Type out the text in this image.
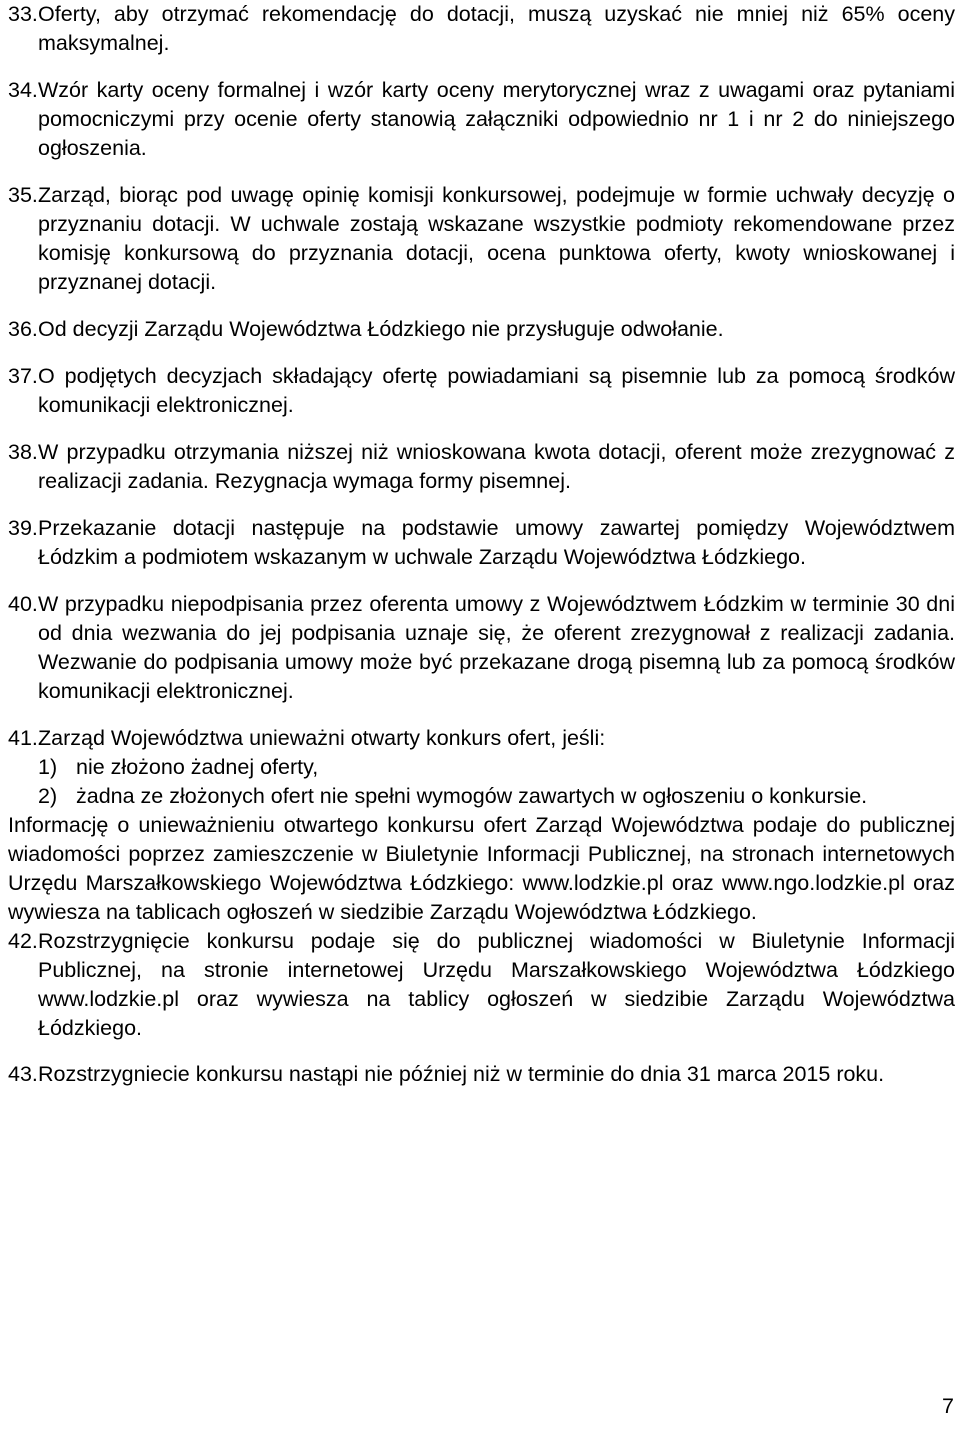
33. Oferty, aby otrzymać rekomendację do dotacji, muszą uzyskać nie mniej niż 65% oceny maksymalnej.
34. Wzór karty oceny formalnej i wzór karty oceny merytorycznej wraz z uwagami oraz pytaniami pomocniczymi przy ocenie oferty stanowią załączniki odpowiednio nr 1 i nr 2 do niniejszego ogłoszenia.
35. Zarząd, biorąc pod uwagę opinię komisji konkursowej, podejmuje w formie uchwały decyzję o przyznaniu dotacji. W uchwale zostają wskazane wszystkie podmioty rekomendowane przez komisję konkursową do przyznania dotacji, ocena punktowa oferty, kwoty wnioskowanej i przyznanej dotacji.
36. Od decyzji Zarządu Województwa Łódzkiego nie przysługuje odwołanie.
37. O podjętych decyzjach składający ofertę powiadamiani są pisemnie lub za pomocą środków komunikacji elektronicznej.
38. W przypadku otrzymania niższej niż wnioskowana kwota dotacji, oferent może zrezygnować z realizacji zadania. Rezygnacja wymaga formy pisemnej.
39. Przekazanie dotacji następuje na podstawie umowy zawartej pomiędzy Województwem Łódzkim a podmiotem wskazanym w uchwale Zarządu Województwa Łódzkiego.
40. W przypadku niepodpisania przez oferenta umowy z Województwem Łódzkim w terminie 30 dni od dnia wezwania do jej podpisania uznaje się, że oferent zrezygnował z realizacji zadania. Wezwanie do podpisania umowy może być przekazane drogą pisemną lub za pomocą środków komunikacji elektronicznej.
41. Zarząd Województwa unieważni otwarty konkurs ofert, jeśli:
1) nie złożono żadnej oferty,
2) żadna ze złożonych ofert nie spełni wymogów zawartych w ogłoszeniu o konkursie.

Informację o unieważnieniu otwartego konkursu ofert Zarząd Województwa podaje do publicznej wiadomości poprzez zamieszczenie w Biuletynie Informacji Publicznej, na stronach internetowych Urzędu Marszałkowskiego Województwa Łódzkiego: www.lodzkie.pl oraz www.ngo.lodzkie.pl oraz wywiesza na tablicach ogłoszeń w siedzibie Zarządu Województwa Łódzkiego.

42. Rozstrzygnięcie konkursu podaje się do publicznej wiadomości w Biuletynie Informacji Publicznej, na stronie internetowej Urzędu Marszałkowskiego Województwa Łódzkiego www.lodzkie.pl oraz wywiesza na tablicy ogłoszeń w siedzibie Zarządu Województwa Łódzkiego.
43. Rozstrzygniecie konkursu nastąpi nie później niż w terminie do dnia 31 marca 2015 roku.
7
